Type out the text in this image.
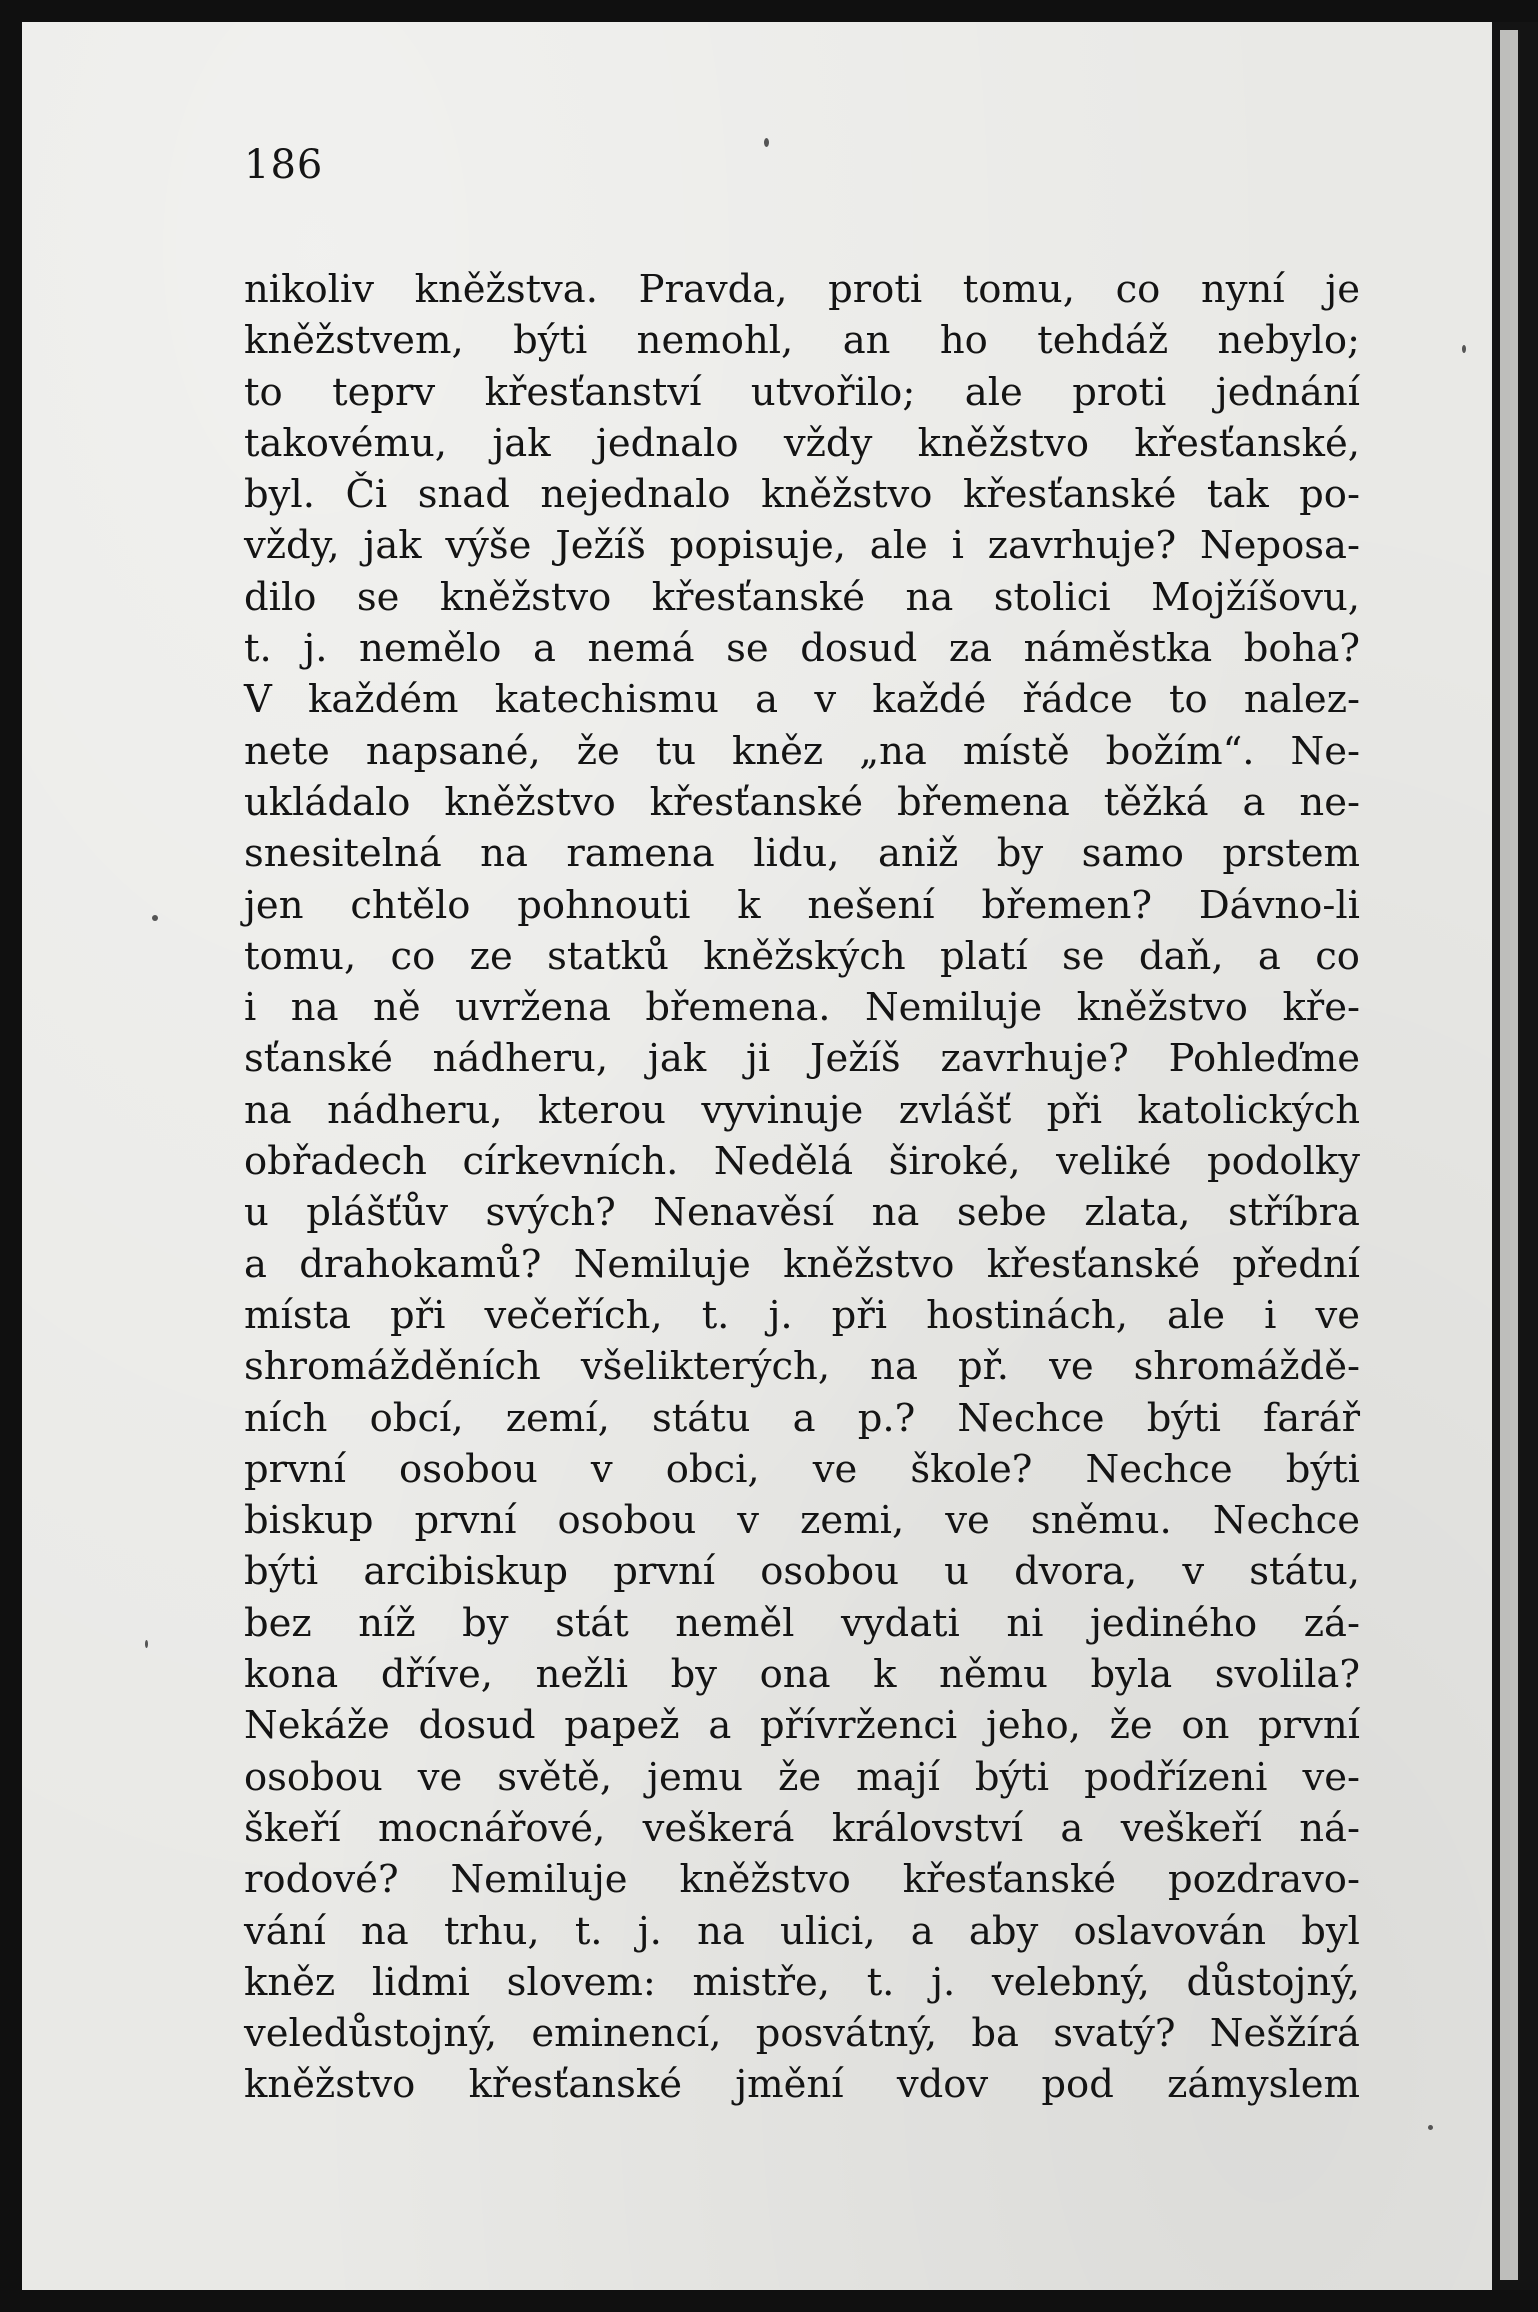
186
nikoliv kněžstva. Pravda, proti tomu, co nyní je
kněžstvem, býti nemohl, an ho tehdáž nebylo;
to teprv křesťanství utvořilo; ale proti jednání
takovému, jak jednalo vždy kněžstvo křesťanské,
byl. Či snad nejednalo kněžstvo křesťanské tak po-
vždy, jak výše Ježíš popisuje, ale i zavrhuje? Neposa-
dilo se kněžstvo křesťanské na stolici Mojžíšovu,
t. j. nemělo a nemá se dosud za náměstka boha?
V každém katechismu a v každé řádce to nalez-
nete napsané, že tu kněz „na místě božím“. Ne-
ukládalo kněžstvo křesťanské břemena těžká a ne-
snesitelná na ramena lidu, aniž by samo prstem
jen chtělo pohnouti k nešení břemen? Dávno-li
tomu, co ze statků kněžských platí se daň, a co
i na ně uvržena břemena. Nemiluje kněžstvo kře-
sťanské nádheru, jak ji Ježíš zavrhuje? Pohleďme
na nádheru, kterou vyvinuje zvlášť při katolických
obřadech církevních. Nedělá široké, veliké podolky
u plášťův svých? Nenavěsí na sebe zlata, stříbra
a drahokamů? Nemiluje kněžstvo křesťanské přední
místa při večeřích, t. j. při hostinách, ale i ve
shromážděních všelikterých, na př. ve shromáždě-
ních obcí, zemí, státu a p.? Nechce býti farář
první osobou v obci, ve škole? Nechce býti
biskup první osobou v zemi, ve sněmu. Nechce
býti arcibiskup první osobou u dvora, v státu,
bez níž by stát neměl vydati ni jediného zá-
kona dříve, nežli by ona k němu byla svolila?
Nekáže dosud papež a přívrženci jeho, že on první
osobou ve světě, jemu že mají býti podřízeni ve-
škeří mocnářové, veškerá království a veškeří ná-
rodové? Nemiluje kněžstvo křesťanské pozdravo-
vání na trhu, t. j. na ulici, a aby oslavován byl
kněz lidmi slovem: mistře, t. j. velebný, důstojný,
veledůstojný, eminencí, posvátný, ba svatý? Nešžírá
kněžstvo křesťanské jmění vdov pod zámyslem
